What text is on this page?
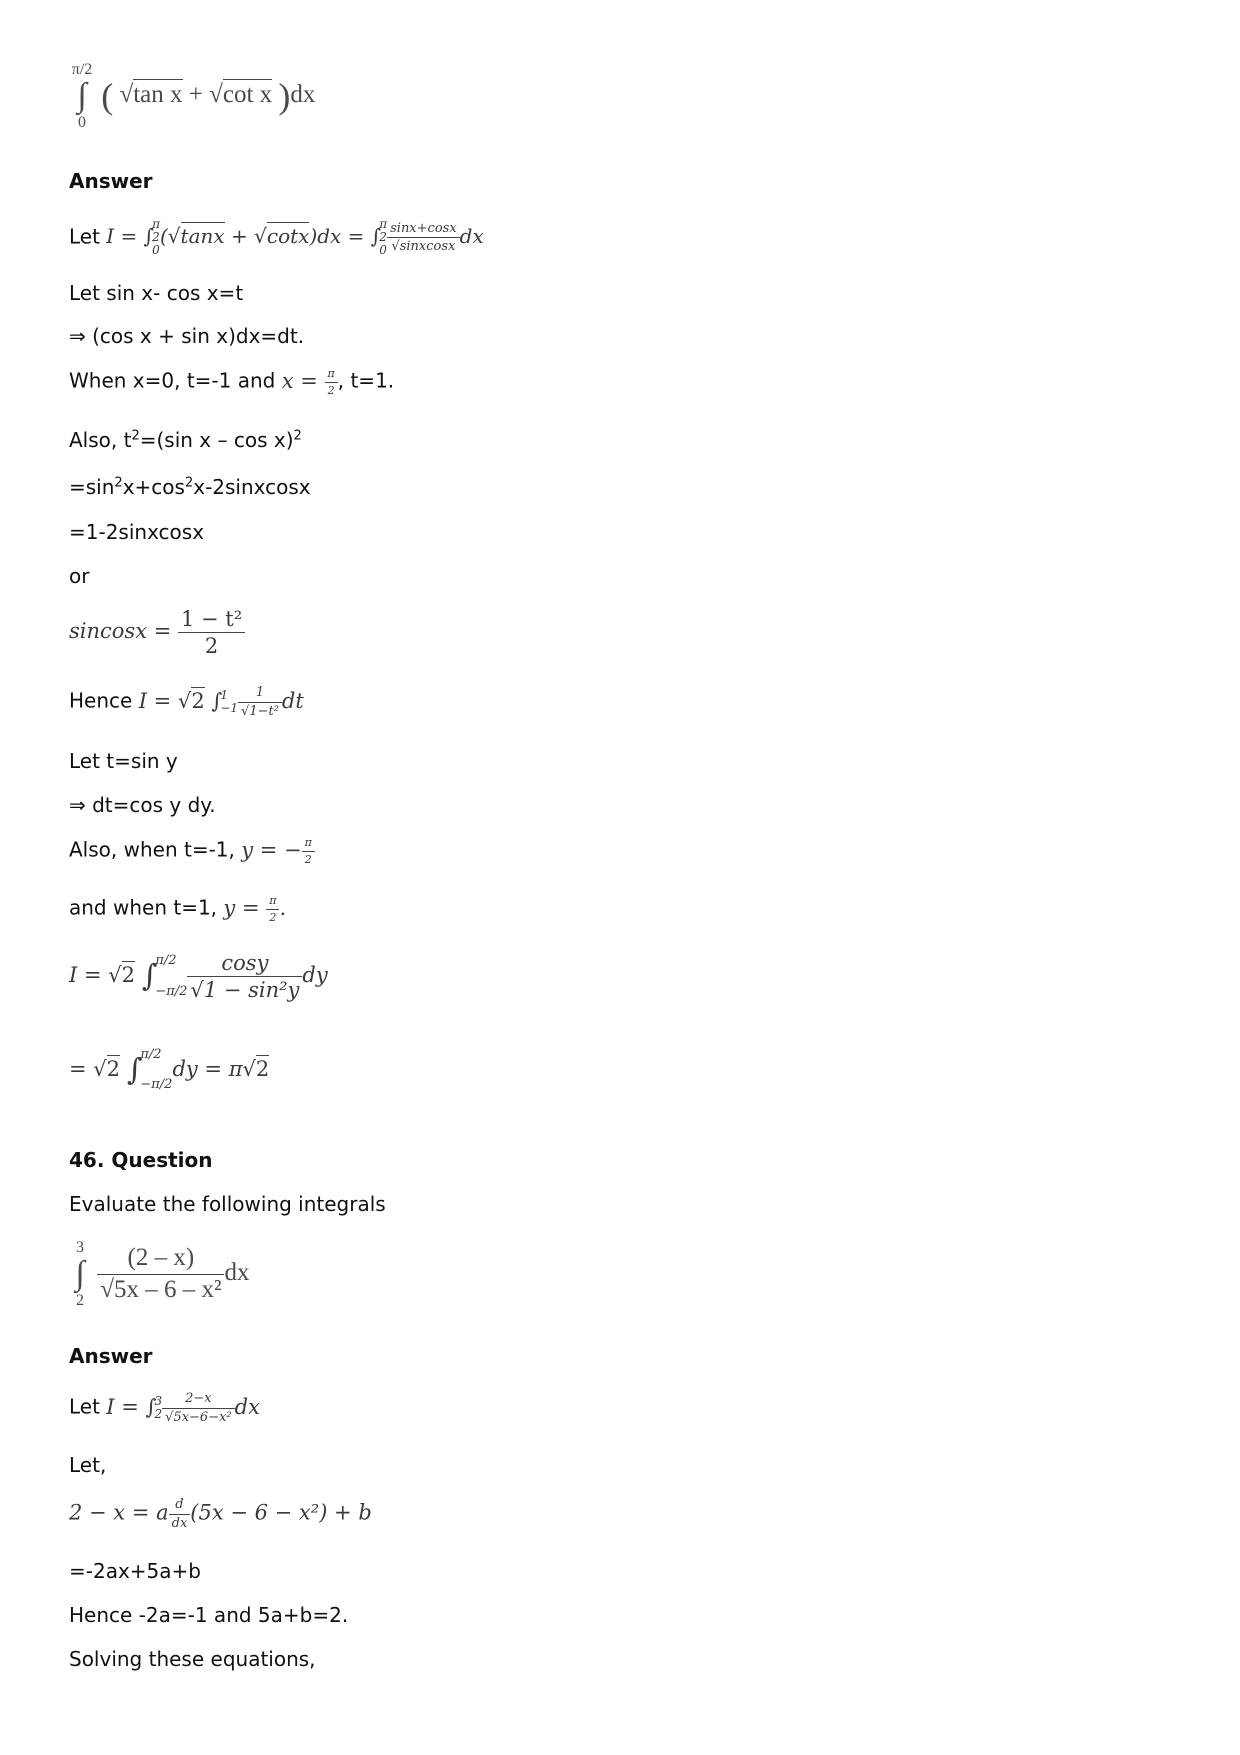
π/2
∫
0
( √tan x + √cot x )dx
Answer
Let I = ∫
π
2
0
(√tanx + √cotx)dx = ∫
π
2
$0 \frac{\sin x+\cos x}{\text{√sinxcosx}}$ dx
Let sin x- cos x=t
⇒ (cos x + sin x)dx=dt.
When x=0, t=-1 and $x = \frac{\pi}{2}$ , t=1.
Also, $t^2=(\sin$ x – cos x)$^2$
$=\sin^2x+\cos^2x-2sinxcosx$
=1-2sinxcosx
or
$sincosx = \frac{\text{1 − t²}}{2}$
Hence I = √2 ∫
1
$-1 \frac{1}{\text{√1−t²}}$ dt
Let t=sin y
⇒ dt=cos y dy.
Also, when t=-1, y = − $\frac{\pi}{2}$
and when t=1, $y = \frac{\pi}{2}$ .
I = √2 ∫
π/2
$-\pi/2 \frac{\cos y}{\text{√1 − sin²y}}$ dy
= √2 ∫
π/2
−π/2
dy = π√2
46. Question
Evaluate the following integrals
3
∫
2
$\frac{(2 - x)}{\text{√5x – 6 – x²}}$ dx
Answer
Let I = ∫
3
$2 \frac{2-x}{\text{√5x−6−x²}}$ dx
Let,
2 − x = a $\frac{d}{dx} (5x - 6 - x^2) + b$
=-2ax+5a+b
Hence -2a=-1 and 5a+b=2.
Solving these equations,
